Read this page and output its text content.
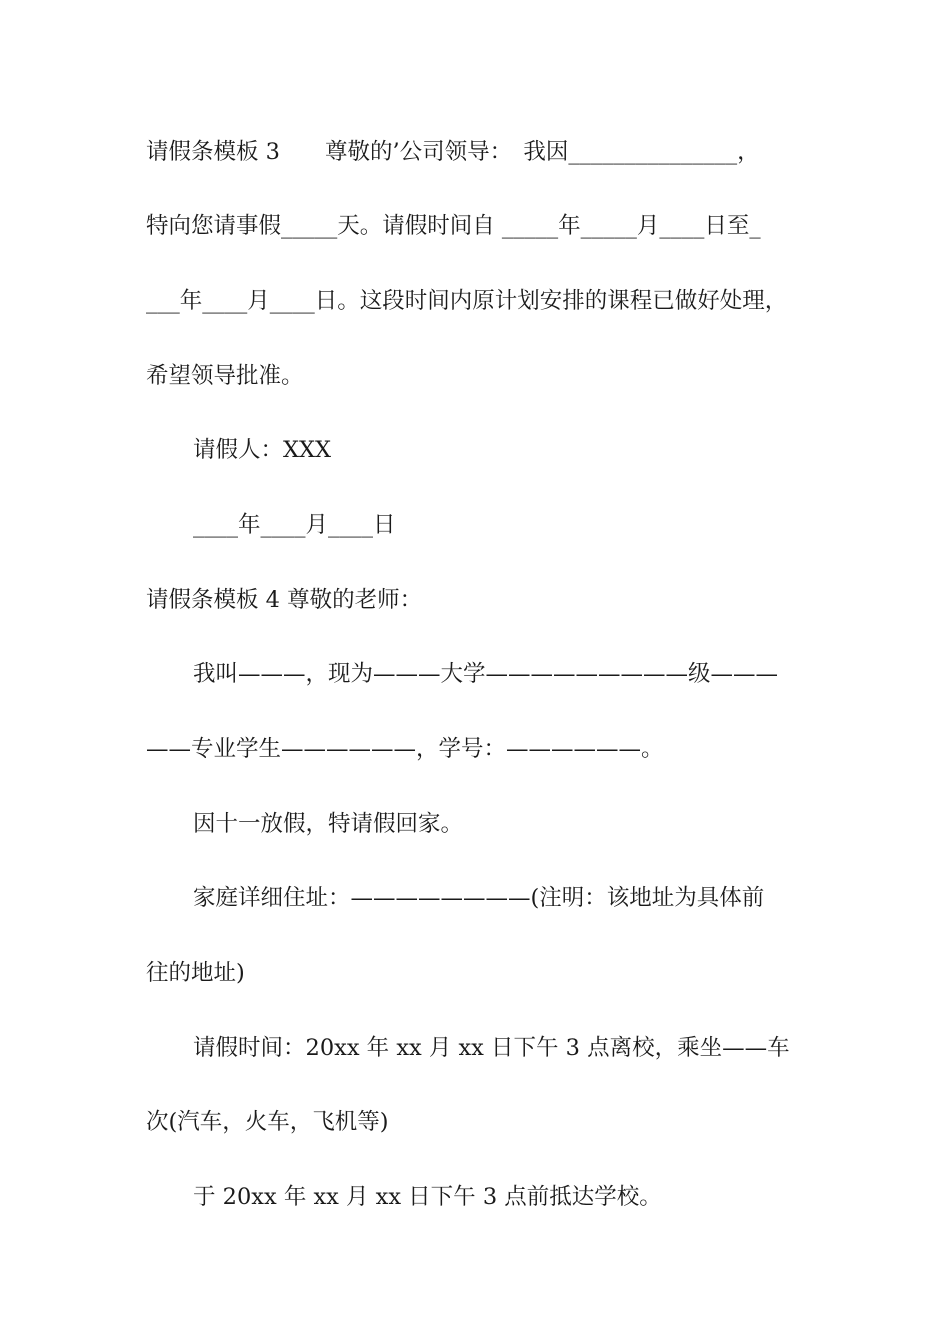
请假条模板 3　　尊敬的’公司领导：　我因_______________，
特向您请事假_____天。请假时间自 _____年_____月____日至_
___年____月____日。这段时间内原计划安排的课程已做好处理，
希望领导批准。
请假人：XXX
____年____月____日
请假条模板 4 尊敬的老师：
我叫———，现为———大学—————————级———
——专业学生——————，学号：——————。
因十一放假，特请假回家。
家庭详细住址：————————(注明：该地址为具体前
往的地址)
请假时间：20xx 年 xx 月 xx 日下午 3 点离校，乘坐——车
次(汽车，火车，飞机等)
于 20xx 年 xx 月 xx 日下午 3 点前抵达学校。
